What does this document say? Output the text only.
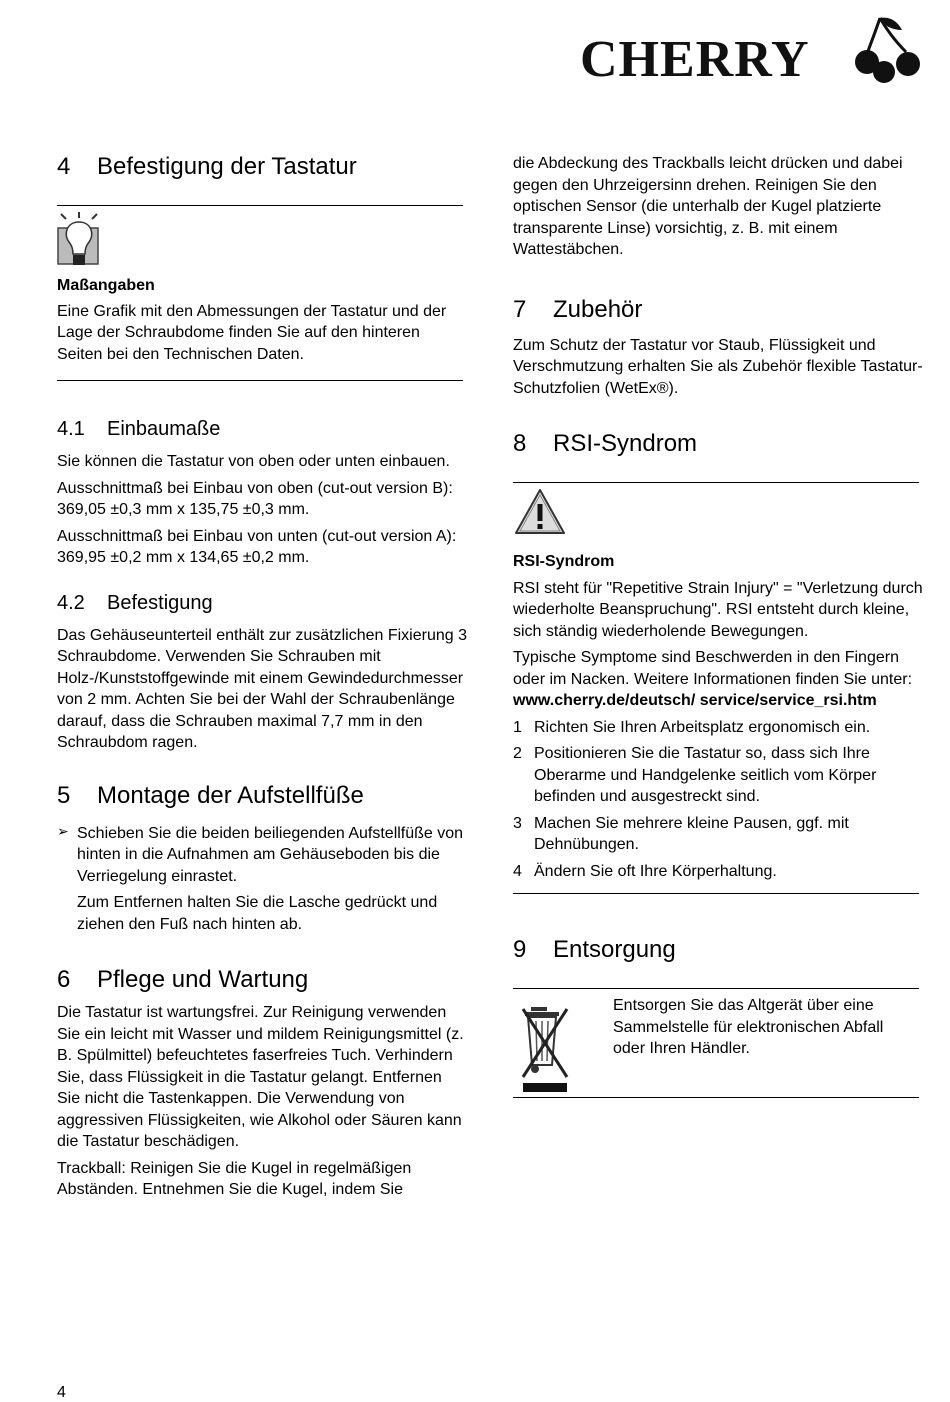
CHERRY
4 Befestigung der Tastatur

Maßangaben

Eine Grafik mit den Abmessungen der Tastatur und der Lage der Schraubdome finden Sie auf den hinteren Seiten bei den Technischen Daten.

4.1 Einbaumaße

Sie können die Tastatur von oben oder unten einbauen.

Ausschnittmaß bei Einbau von oben (cut-out version B):

369,05 ±0,3 mm x 135,75 ±0,3 mm.

Ausschnittmaß bei Einbau von unten (cut-out version A):

369,95 ±0,2 mm x 134,65 ±0,2 mm.

4.2 Befestigung

Das Gehäuseunterteil enthält zur zusätzlichen Fixierung 3 Schraubdome. Verwenden Sie Schrauben mit Holz-/Kunststoffgewinde mit einem Gewindedurchmesser von 2 mm. Achten Sie bei der Wahl der Schraubenlänge darauf, dass die Schrauben maximal 7,7 mm in den Schraubdom ragen.

5 Montage der Aufstellfüße
➢ Schieben Sie die beiden beiliegenden Aufstellfüße von hinten in die Aufnahmen am Gehäuseboden bis die Verriegelung einrastet.

Zum Entfernen halten Sie die Lasche gedrückt und ziehen den Fuß nach hinten ab.

6 Pflege und Wartung

Die Tastatur ist wartungsfrei. Zur Reinigung verwenden Sie ein leicht mit Wasser und mildem Reinigungsmittel (z. B. Spülmittel) befeuchtetes faserfreies Tuch. Verhindern Sie, dass Flüssigkeit in die Tastatur gelangt. Entfernen Sie nicht die Tastenkappen. Die Verwendung von aggressiven Flüssigkeiten, wie Alkohol oder Säuren kann die Tastatur beschädigen.

Trackball: Reinigen Sie die Kugel in regelmäßigen Abständen. Entnehmen Sie die Kugel, indem Sie

die Abdeckung des Trackballs leicht drücken und dabei gegen den Uhrzeigersinn drehen. Reinigen Sie den optischen Sensor (die unterhalb der Kugel platzierte transparente Linse) vorsichtig, z. B. mit einem Wattestäbchen.

7 Zubehör

Zum Schutz der Tastatur vor Staub, Flüssigkeit und Verschmutzung erhalten Sie als Zubehör flexible Tastatur-Schutzfolien (WetEx®).

8 RSI-Syndrom

RSI-Syndrom

RSI steht für "Repetitive Strain Injury" = "Verletzung durch wiederholte Beanspruchung". RSI entsteht durch kleine, sich ständig wiederholende Bewegungen.

Typische Symptome sind Beschwerden in den Fingern oder im Nacken. Weitere Informationen finden Sie unter: www.cherry.de/deutsch/ service/service_rsi.htm

1 Richten Sie Ihren Arbeitsplatz ergonomisch ein.
2 Positionieren Sie die Tastatur so, dass sich Ihre Oberarme und Handgelenke seitlich vom Körper befinden und ausgestreckt sind.
3 Machen Sie mehrere kleine Pausen, ggf. mit Dehnübungen.
4 Ändern Sie oft Ihre Körperhaltung.
9 Entsorgung

Entsorgen Sie das Altgerät über eine Sammelstelle für elektronischen Abfall oder Ihren Händler.

4
